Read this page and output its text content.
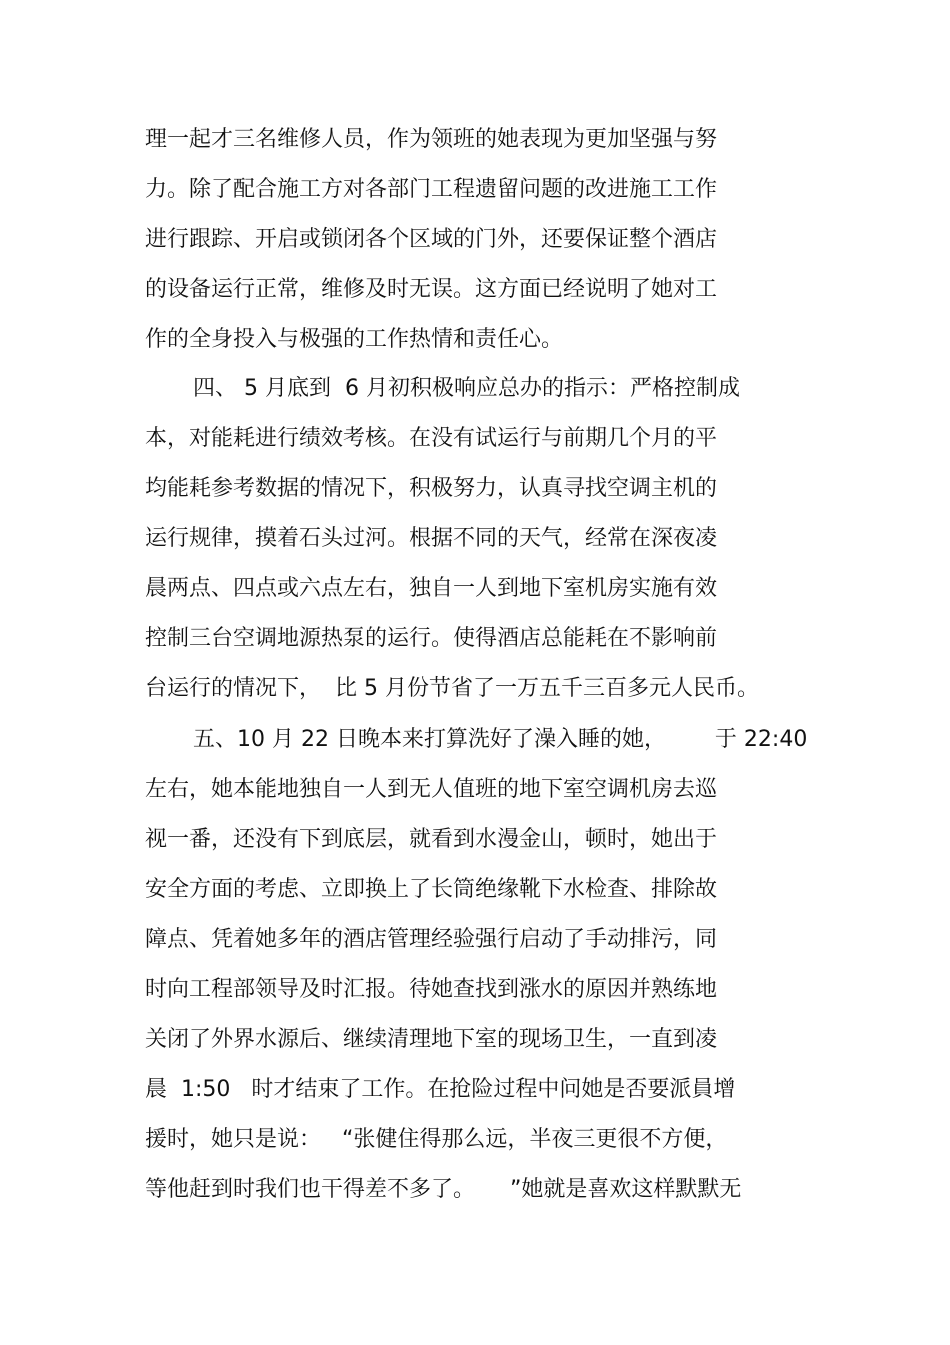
理一起才三名维修人员，作为领班的她表现为更加坚强与努
力。除了配合施工方对各部门工程遗留问题的改进施工工作
进行跟踪、开启或锁闭各个区域的门外，还要保证整个酒店
的设备运行正常，维修及时无误。这方面已经说明了她对工
作的全身投入与极强的工作热情和责任心。
四、 5 月底到  6 月初积极响应总办的指示：严格控制成
本，对能耗进行绩效考核。在没有试运行与前期几个月的平
均能耗参考数据的情况下，积极努力，认真寻找空调主机的
运行规律，摸着石头过河。根据不同的天气，经常在深夜凌
晨两点、四点或六点左右，独自一人到地下室机房实施有效
控制三台空调地源热泵的运行。使得酒店总能耗在不影响前
台运行的情况下，  比 5 月份节省了一万五千三百多元人民币。
五、10 月 22 日晚本来打算洗好了澡入睡的她，       于 22:40
左右，她本能地独自一人到无人值班的地下室空调机房去巡
视一番，还没有下到底层，就看到水漫金山，顿时，她出于
安全方面的考虑、立即换上了长筒绝缘靴下水检查、排除故
障点、凭着她多年的酒店管理经验强行启动了手动排污，同
时向工程部领导及时汇报。待她查找到涨水的原因并熟练地
关闭了外界水源后、继续清理地下室的现场卫生，一直到凌
晨  1:50   时才结束了工作。在抢险过程中问她是否要派員增
援时，她只是说：   “张健住得那么远，半夜三更很不方便，
等他赶到时我们也干得差不多了。     ”她就是喜欢这样默默无
